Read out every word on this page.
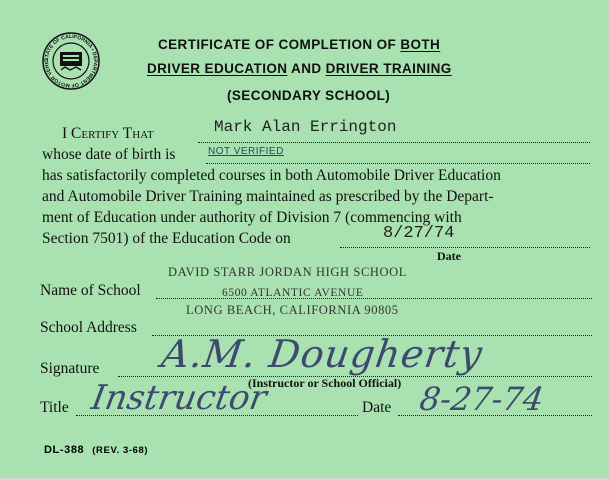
STATE OF CALIFORNIA • DEPARTMENT OF MOTOR VEHIC
CERTIFICATE OF COMPLETION OF BOTH
DRIVER EDUCATION AND DRIVER TRAINING
(SECONDARY SCHOOL)
I Certify That	Mark Alan Errington
whose date of birth is	NOT VERIFIED
has satisfactorily completed courses in both Automobile Driver Education
and Automobile Driver Training maintained as prescribed by the Depart-
ment of Education under authority of Division 7 (commencing with
Section 7501) of the Education Code on	8/27/74
Date
DAVID STARR JORDAN HIGH SCHOOL
Name of School	6500 ATLANTIC AVENUE
LONG BEACH, CALIFORNIA 90805
School Address
Signature A.M. Dougherty
(Instructor or School Official)
Title Instructor	Date 8-27-74
DL-388 (REV. 3-68)
